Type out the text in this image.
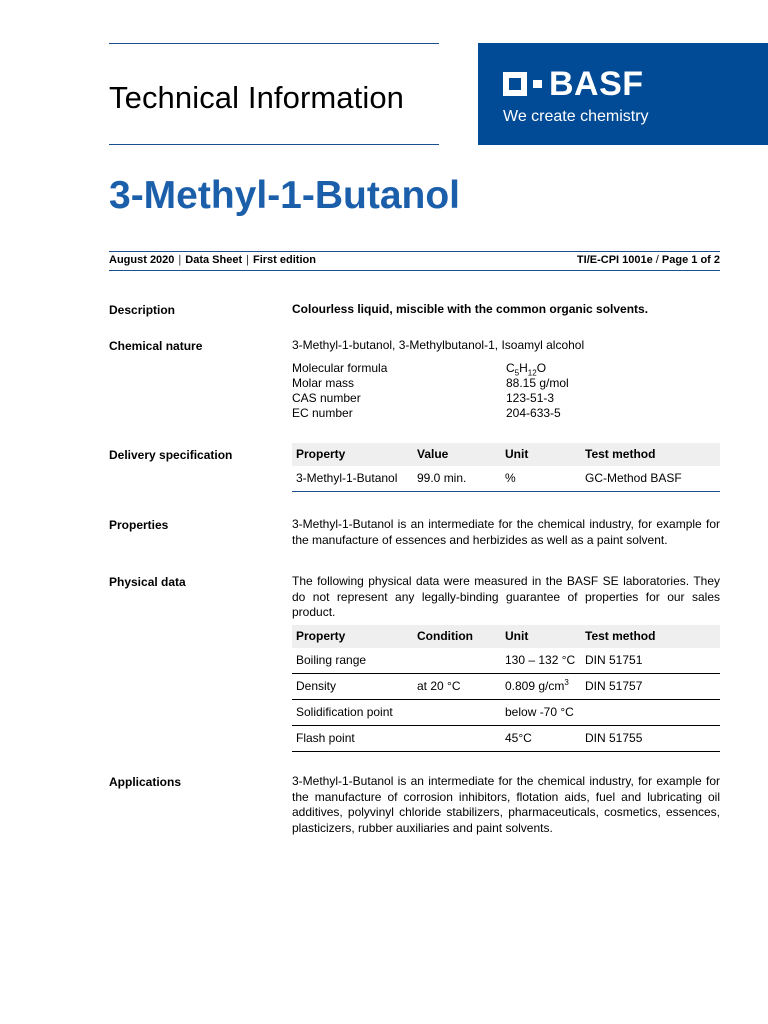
Technical Information	BASF
We create chemistry
3-Methyl-1-Butanol
August 2020 | Data Sheet | First edition	TI/E-CPI 1001e / Page 1 of 2
Description	Colourless liquid, miscible with the common organic solvents.
Chemical nature	3-Methyl-1-butanol, 3-Methylbutanol-1, Isoamyl alcohol
Molecular formula	$C_5H_{12}O$
Molar mass	88.15 g/mol
CAS number	123-51-3
EC number	204-633-5
Delivery specification	Property	Value	Unit	Test method
3-Methyl-1-Butanol	99.0 min.	%	GC-Method BASF
Properties	3-Methyl-1-Butanol is an intermediate for the chemical industry, for example for the manufacture of essences and herbizides as well as a paint solvent.
Physical data	The following physical data were measured in the BASF SE laboratories. They do not represent any legally-binding guarantee of properties for our sales product.
Property	Condition	Unit	Test method
Boiling range		130 – 132 °C	DIN 51751
Density	at 20 °C	0.809 $g/cm^3$	DIN 51757
Solidification point		below -70 °C	
Flash point		45°C	DIN 51755
Applications	3-Methyl-1-Butanol is an intermediate for the chemical industry, for example for the manufacture of corrosion inhibitors, flotation aids, fuel and lubricating oil additives, polyvinyl chloride stabilizers, pharmaceuticals, cosmetics, essences, plasticizers, rubber auxiliaries and paint solvents.
